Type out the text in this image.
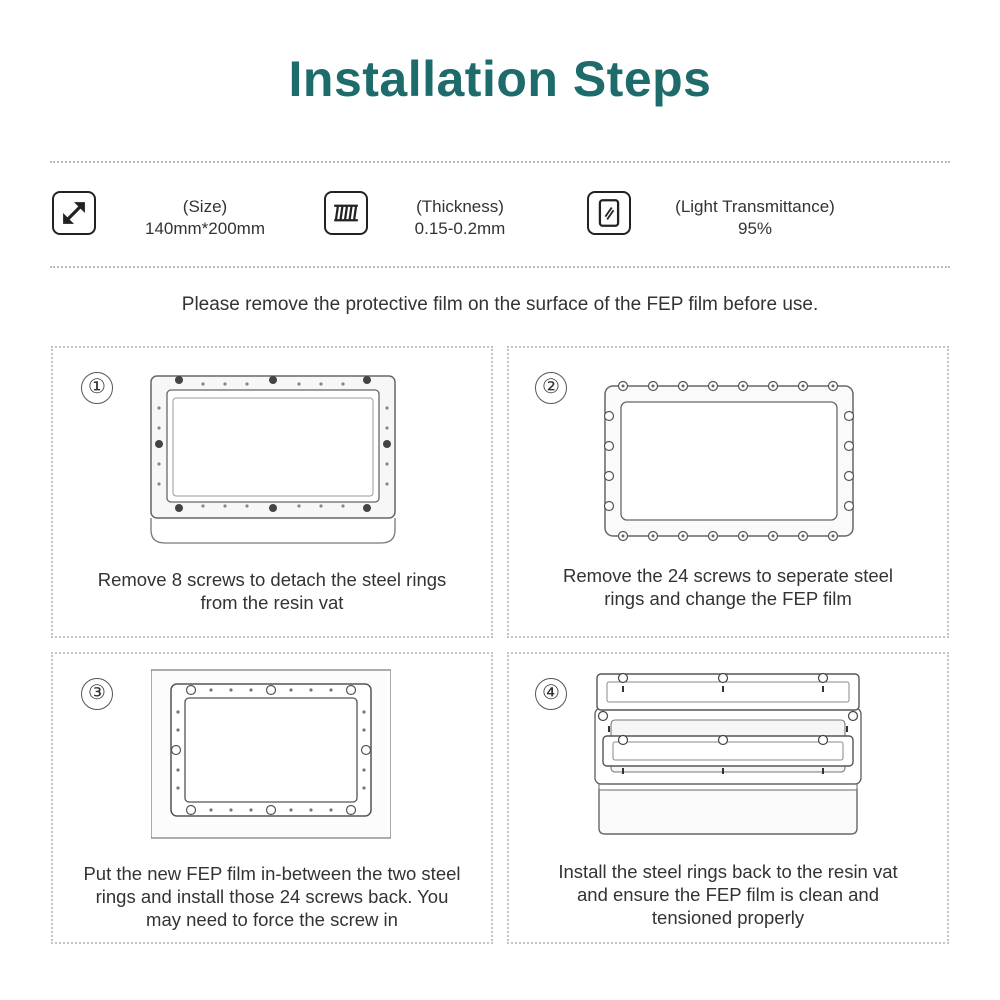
Installation Steps
(Size)
140mm*200mm
(Thickness)
0.15-0.2mm
(Light Transmittance)
95%
Please remove the protective film on the surface of the FEP film before use.
①
Remove 8 screws to detach the steel rings
from the resin vat
②
Remove the 24 screws to seperate steel
rings and change the FEP film
③
Put the new FEP film in-between the two steel
rings and install those 24 screws back. You
may need to force the screw in
④
Install the steel rings back to the resin vat
and ensure the FEP film is clean and
tensioned properly
